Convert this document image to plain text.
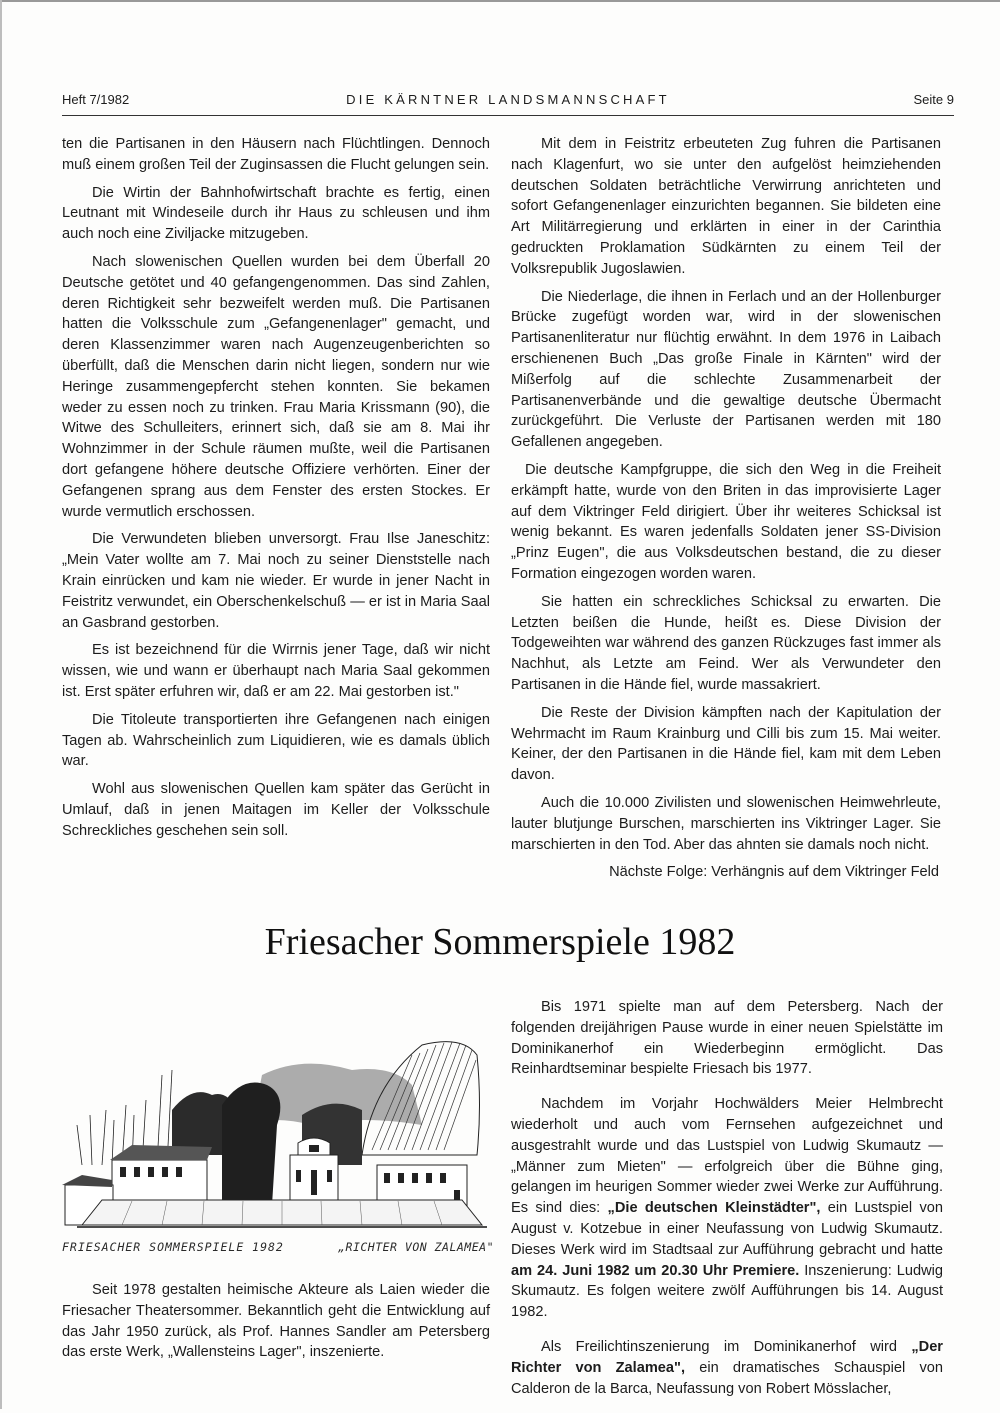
Heft 7/1982	DIE KÄRNTNER LANDSMANNSCHAFT	Seite 9

ten die Partisanen in den Häusern nach Flüchtlingen. Dennoch muß einem großen Teil der Zuginsassen die Flucht gelungen sein.

Die Wirtin der Bahnhofwirtschaft brachte es fertig, einen Leutnant mit Windeseile durch ihr Haus zu schleusen und ihm auch noch eine Ziviljacke mitzugeben.

Nach slowenischen Quellen wurden bei dem Überfall 20 Deutsche getötet und 40 gefangengenommen. Das sind Zahlen, deren Richtigkeit sehr bezweifelt werden muß. Die Partisanen hatten die Volksschule zum „Gefangenenlager" gemacht, und deren Klassenzimmer waren nach Augenzeugenberichten so überfüllt, daß die Menschen darin nicht liegen, sondern nur wie Heringe zusammengepfercht stehen konnten. Sie bekamen weder zu essen noch zu trinken. Frau Maria Krissmann (90), die Witwe des Schulleiters, erinnert sich, daß sie am 8. Mai ihr Wohnzimmer in der Schule räumen mußte, weil die Partisanen dort gefangene höhere deutsche Offiziere verhörten. Einer der Gefangenen sprang aus dem Fenster des ersten Stockes. Er wurde vermutlich erschossen.

Die Verwundeten blieben unversorgt. Frau Ilse Janeschitz: „Mein Vater wollte am 7. Mai noch zu seiner Dienststelle nach Krain einrücken und kam nie wieder. Er wurde in jener Nacht in Feistritz verwundet, ein Oberschenkelschuß — er ist in Maria Saal an Gasbrand gestorben.

Es ist bezeichnend für die Wirrnis jener Tage, daß wir nicht wissen, wie und wann er überhaupt nach Maria Saal gekommen ist. Erst später erfuhren wir, daß er am 22. Mai gestorben ist."

Die Titoleute transportierten ihre Gefangenen nach einigen Tagen ab. Wahrscheinlich zum Liquidieren, wie es damals üblich war.

Wohl aus slowenischen Quellen kam später das Gerücht in Umlauf, daß in jenen Maitagen im Keller der Volksschule Schreckliches geschehen sein soll.

Mit dem in Feistritz erbeuteten Zug fuhren die Partisanen nach Klagenfurt, wo sie unter den aufgelöst heimziehenden deutschen Soldaten beträchtliche Verwirrung anrichteten und sofort Gefangenenlager einzurichten begannen. Sie bildeten eine Art Militärregierung und erklärten in einer in der Carinthia gedruckten Proklamation Südkärnten zu einem Teil der Volksrepublik Jugoslawien.

Die Niederlage, die ihnen in Ferlach und an der Hollenburger Brücke zugefügt worden war, wird in der slowenischen Partisanenliteratur nur flüchtig erwähnt. In dem 1976 in Laibach erschienenen Buch „Das große Finale in Kärnten" wird der Mißerfolg auf die schlechte Zusammenarbeit der Partisanenverbände und die gewaltige deutsche Übermacht zurückgeführt. Die Verluste der Partisanen werden mit 180 Gefallenen angegeben.

Die deutsche Kampfgruppe, die sich den Weg in die Freiheit erkämpft hatte, wurde von den Briten in das improvisierte Lager auf dem Viktringer Feld dirigiert. Über ihr weiteres Schicksal ist wenig bekannt. Es waren jedenfalls Soldaten jener SS-Division „Prinz Eugen", die aus Volksdeutschen bestand, die zu dieser Formation eingezogen worden waren.

Sie hatten ein schreckliches Schicksal zu erwarten. Die Letzten beißen die Hunde, heißt es. Diese Division der Todgeweihten war während des ganzen Rückzuges fast immer als Nachhut, als Letzte am Feind. Wer als Verwundeter den Partisanen in die Hände fiel, wurde massakriert.

Die Reste der Division kämpften nach der Kapitulation der Wehrmacht im Raum Krainburg und Cilli bis zum 15. Mai weiter. Keiner, der den Partisanen in die Hände fiel, kam mit dem Leben davon.

Auch die 10.000 Zivilisten und slowenischen Heimwehrleute, lauter blutjunge Burschen, marschierten ins Viktringer Lager. Sie marschierten in den Tod. Aber das ahnten sie damals noch nicht.

Nächste Folge: Verhängnis auf dem Viktringer Feld

Friesacher Sommerspiele 1982
FRIESACHER SOMMERSPIELE 1982	„RICHTER VON ZALAMEA"

Seit 1978 gestalten heimische Akteure als Laien wieder die Friesacher Theatersommer. Bekanntlich geht die Entwicklung auf das Jahr 1950 zurück, als Prof. Hannes Sandler am Petersberg das erste Werk, „Wallensteins Lager", inszenierte.

Bis 1971 spielte man auf dem Petersberg. Nach der folgenden dreijährigen Pause wurde in einer neuen Spielstätte im Dominikanerhof ein Wiederbeginn ermöglicht. Das Reinhardtseminar bespielte Friesach bis 1977.

Nachdem im Vorjahr Hochwälders Meier Helmbrecht wiederholt und auch vom Fernsehen aufgezeichnet und ausgestrahlt wurde und das Lustspiel von Ludwig Skumautz — „Männer zum Mieten" — erfolgreich über die Bühne ging, gelangen im heurigen Sommer wieder zwei Werke zur Aufführung. Es sind dies: „Die deutschen Kleinstädter", ein Lustspiel von August v. Kotzebue in einer Neufassung von Ludwig Skumautz. Dieses Werk wird im Stadtsaal zur Aufführung gebracht und hatte am 24. Juni 1982 um 20.30 Uhr Premiere. Inszenierung: Ludwig Skumautz. Es folgen weitere zwölf Aufführungen bis 14. August 1982.

Als Freilichtinszenierung im Dominikanerhof wird „Der Richter von Zalamea", ein dramatisches Schauspiel von Calderon de la Barca, Neufassung von Robert Mösslacher,
